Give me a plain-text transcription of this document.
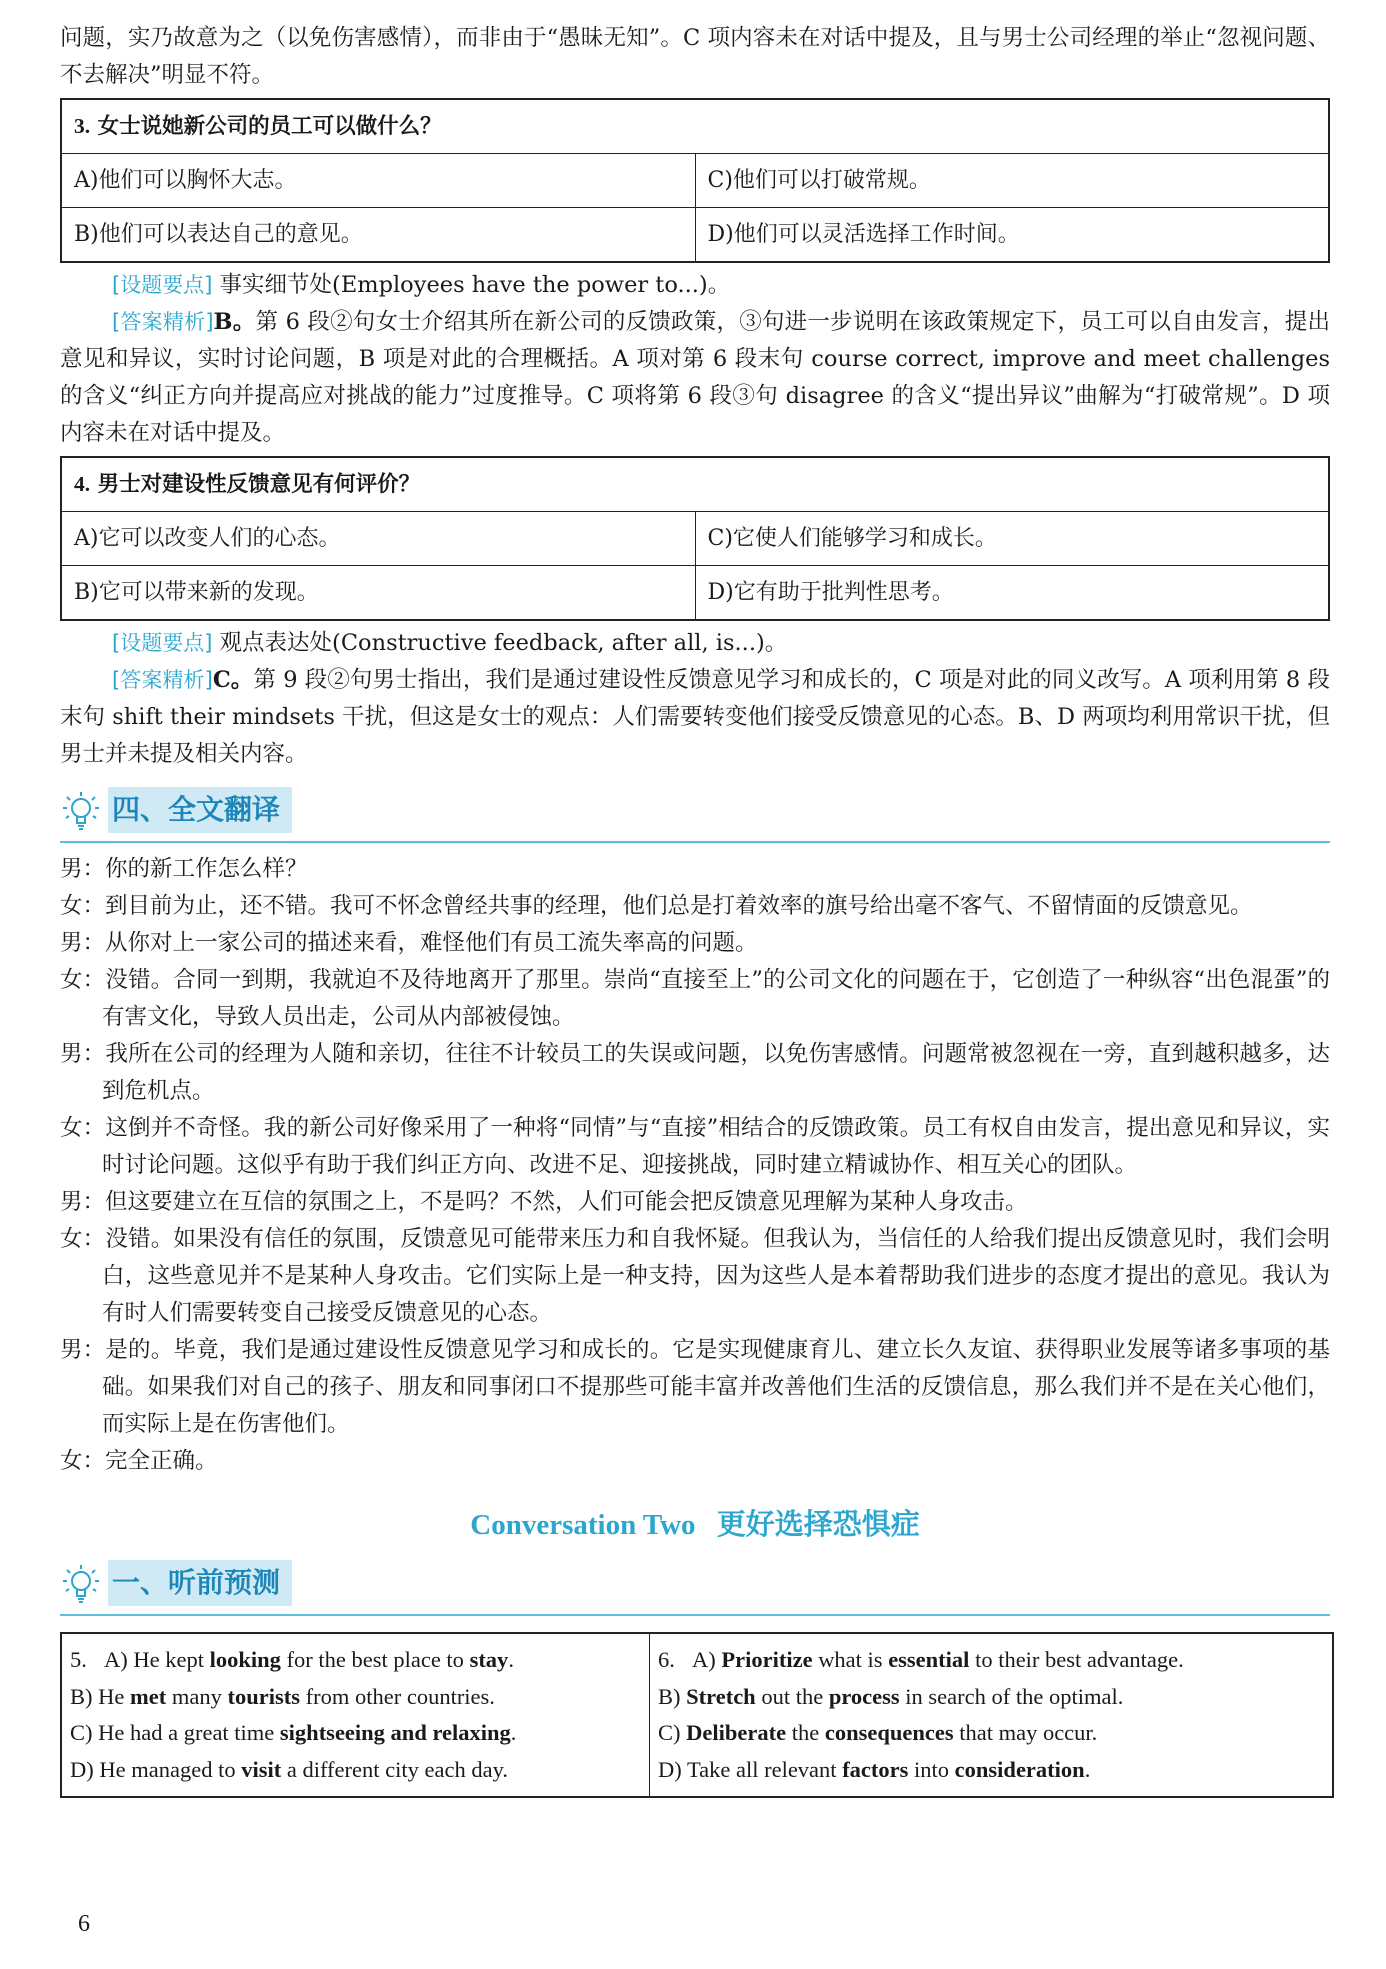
问题，实乃故意为之（以免伤害感情），而非由于“愚昧无知”。C 项内容未在对话中提及，且与男士公司经理的举止“忽视问题、不去解决”明显不符。

3. 女士说她新公司的员工可以做什么？	
A)他们可以胸怀大志。	C)他们可以打破常规。
B)他们可以表达自己的意见。	D)他们可以灵活选择工作时间。

[设题要点] 事实细节处(Employees have the power to...)。

[答案精析]B。第 6 段②句女士介绍其所在新公司的反馈政策，③句进一步说明在该政策规定下，员工可以自由发言，提出意见和异议，实时讨论问题，B 项是对此的合理概括。A 项对第 6 段末句 course correct, improve and meet challenges 的含义“纠正方向并提高应对挑战的能力”过度推导。C 项将第 6 段③句 disagree 的含义“提出异议”曲解为“打破常规”。D 项内容未在对话中提及。

4. 男士对建设性反馈意见有何评价？	
A)它可以改变人们的心态。	C)它使人们能够学习和成长。
B)它可以带来新的发现。	D)它有助于批判性思考。

[设题要点] 观点表达处(Constructive feedback, after all, is...)。

[答案精析]C。第 9 段②句男士指出，我们是通过建设性反馈意见学习和成长的，C 项是对此的同义改写。A 项利用第 8 段末句 shift their mindsets 干扰，但这是女士的观点：人们需要转变他们接受反馈意见的心态。B、D 两项均利用常识干扰，但男士并未提及相关内容。

四、全文翻译

男：你的新工作怎么样？

女：到目前为止，还不错。我可不怀念曾经共事的经理，他们总是打着效率的旗号给出毫不客气、不留情面的反馈意见。

男：从你对上一家公司的描述来看，难怪他们有员工流失率高的问题。

女：没错。合同一到期，我就迫不及待地离开了那里。崇尚“直接至上”的公司文化的问题在于，它创造了一种纵容“出色混蛋”的有害文化，导致人员出走，公司从内部被侵蚀。

男：我所在公司的经理为人随和亲切，往往不计较员工的失误或问题，以免伤害感情。问题常被忽视在一旁，直到越积越多，达到危机点。

女：这倒并不奇怪。我的新公司好像采用了一种将“同情”与“直接”相结合的反馈政策。员工有权自由发言，提出意见和异议，实时讨论问题。这似乎有助于我们纠正方向、改进不足、迎接挑战，同时建立精诚协作、相互关心的团队。

男：但这要建立在互信的氛围之上，不是吗？不然，人们可能会把反馈意见理解为某种人身攻击。

女：没错。如果没有信任的氛围，反馈意见可能带来压力和自我怀疑。但我认为，当信任的人给我们提出反馈意见时，我们会明白，这些意见并不是某种人身攻击。它们实际上是一种支持，因为这些人是本着帮助我们进步的态度才提出的意见。我认为有时人们需要转变自己接受反馈意见的心态。

男：是的。毕竟，我们是通过建设性反馈意见学习和成长的。它是实现健康育儿、建立长久友谊、获得职业发展等诸多事项的基础。如果我们对自己的孩子、朋友和同事闭口不提那些可能丰富并改善他们生活的反馈信息，那么我们并不是在关心他们，而实际上是在伤害他们。

女：完全正确。

Conversation Two 更好选择恐惧症
一、听前预测
5. A) He kept looking for the best place to stay.
B) He met many tourists from other countries.
C) He had a great time sightseeing and relaxing.
D) He managed to visit a different city each day.
6. A) Prioritize what is essential to their best advantage.
B) Stretch out the process in search of the optimal.
C) Deliberate the consequences that may occur.
D) Take all relevant factors into consideration.
6
